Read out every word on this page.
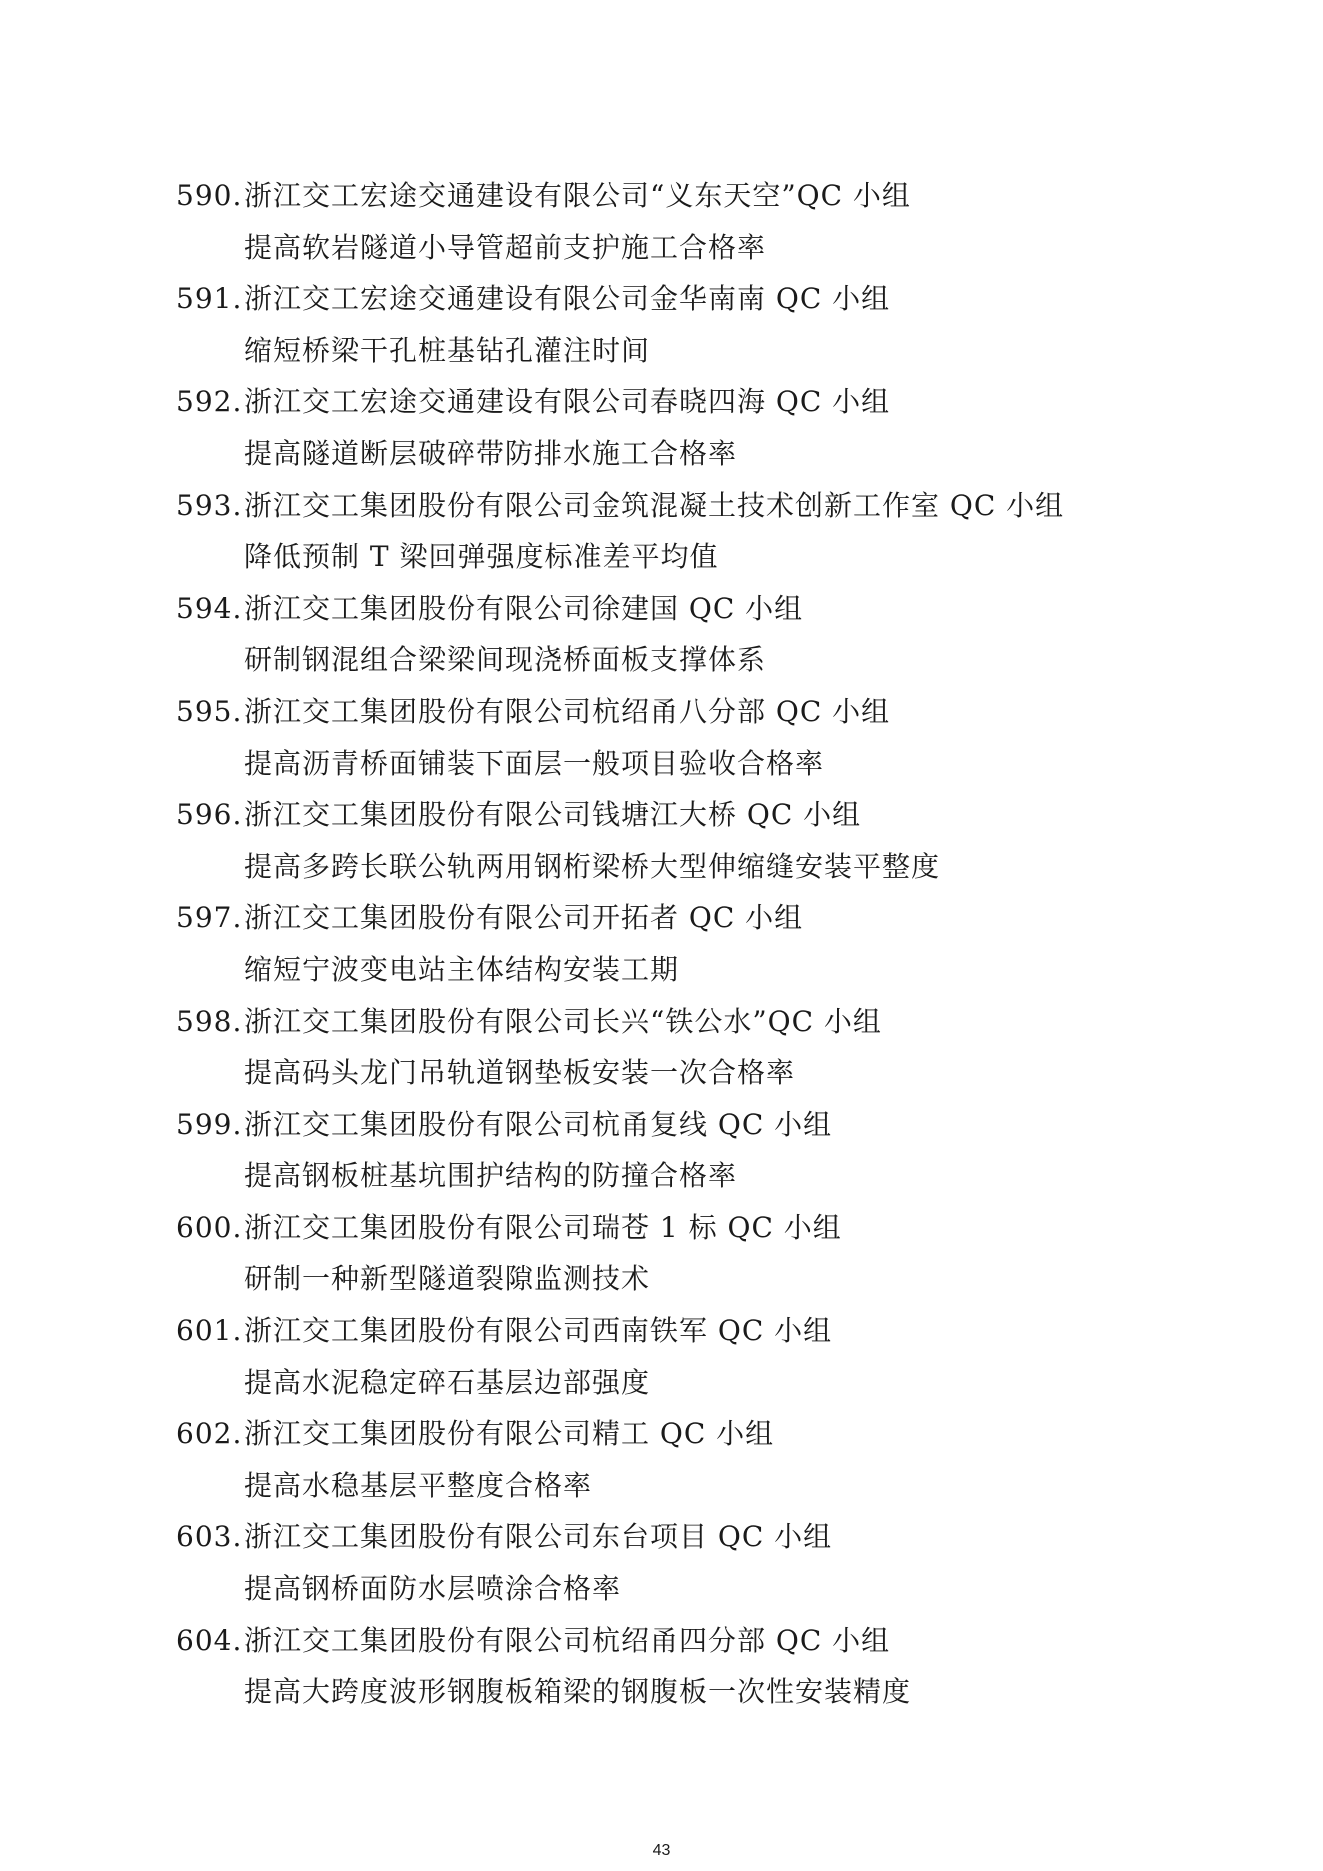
590.浙江交工宏途交通建设有限公司“义东天空”QC 小组
提高软岩隧道小导管超前支护施工合格率
591.浙江交工宏途交通建设有限公司金华南南 QC 小组
缩短桥梁干孔桩基钻孔灌注时间
592.浙江交工宏途交通建设有限公司春晓四海 QC 小组
提高隧道断层破碎带防排水施工合格率
593.浙江交工集团股份有限公司金筑混凝土技术创新工作室 QC 小组
降低预制 T 梁回弹强度标准差平均值
594.浙江交工集团股份有限公司徐建国 QC 小组
研制钢混组合梁梁间现浇桥面板支撑体系
595.浙江交工集团股份有限公司杭绍甬八分部 QC 小组
提高沥青桥面铺装下面层一般项目验收合格率
596.浙江交工集团股份有限公司钱塘江大桥 QC 小组
提高多跨长联公轨两用钢桁梁桥大型伸缩缝安装平整度
597.浙江交工集团股份有限公司开拓者 QC 小组
缩短宁波变电站主体结构安装工期
598.浙江交工集团股份有限公司长兴“铁公水”QC 小组
提高码头龙门吊轨道钢垫板安装一次合格率
599.浙江交工集团股份有限公司杭甬复线 QC 小组
提高钢板桩基坑围护结构的防撞合格率
600.浙江交工集团股份有限公司瑞苍 1 标 QC 小组
研制一种新型隧道裂隙监测技术
601.浙江交工集团股份有限公司西南铁军 QC 小组
提高水泥稳定碎石基层边部强度
602.浙江交工集团股份有限公司精工 QC 小组
提高水稳基层平整度合格率
603.浙江交工集团股份有限公司东台项目 QC 小组
提高钢桥面防水层喷涂合格率
604.浙江交工集团股份有限公司杭绍甬四分部 QC 小组
提高大跨度波形钢腹板箱梁的钢腹板一次性安装精度
43
